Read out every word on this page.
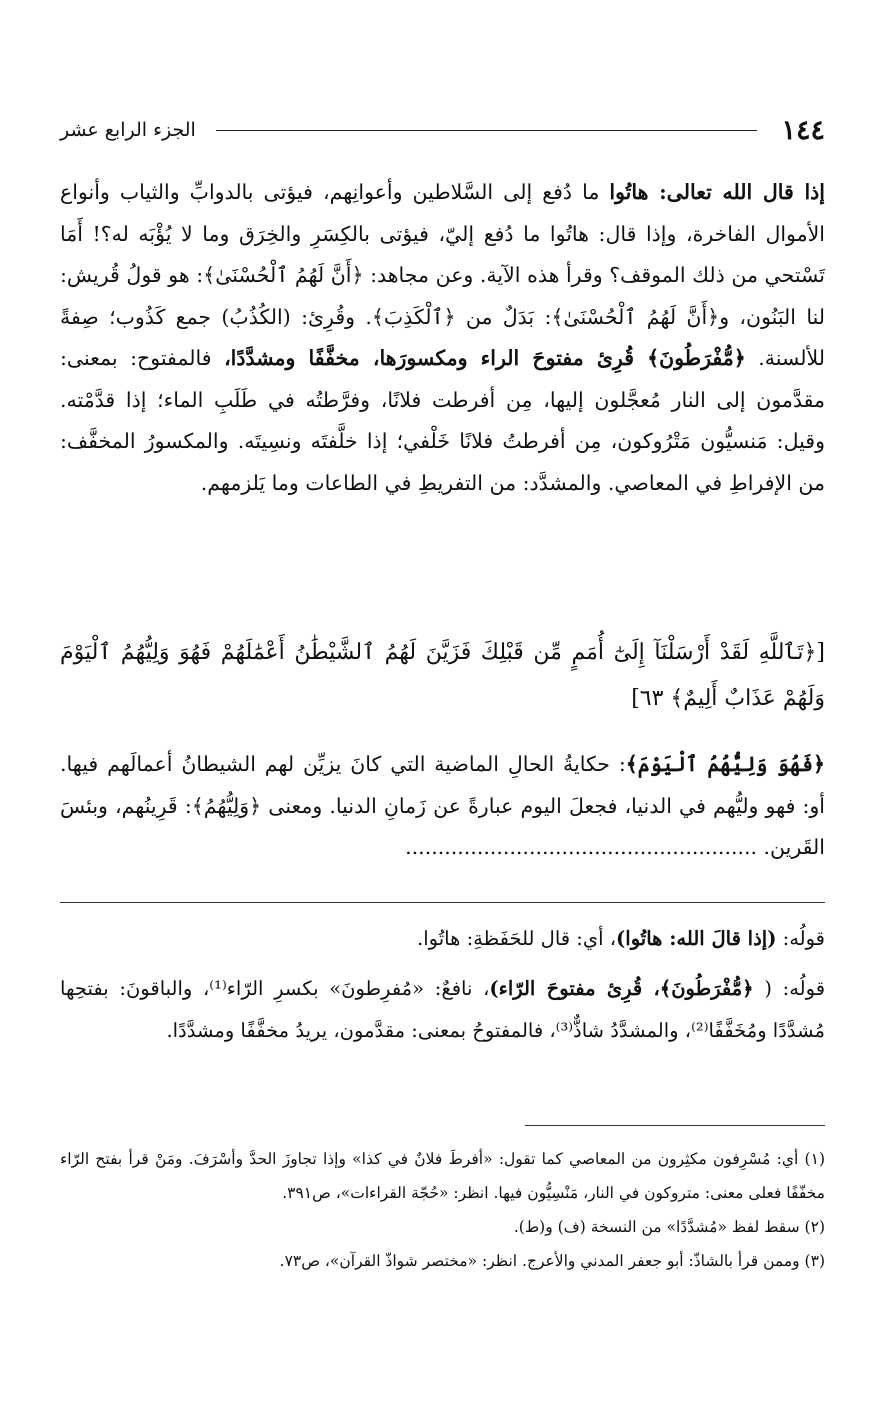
١٤٤
الجزء الرابع عشر

إذا قال الله تعالى: هاتُوا ما دُفع إلى السَّلاطين وأعوانِهم، فيؤتى بالدوابِّ والثياب وأنواع الأموال الفاخرة، وإذا قال: هاتُوا ما دُفع إليّ، فيؤتى بالكِسَرِ والخِرَق وما لا يُؤْبَه له؟! أَمَا تَسْتحي من ذلك الموقف؟ وقرأ هذه الآية. وعن مجاهد: ﴿أَنَّ لَهُمُ ٱلْحُسْنَىٰ﴾: هو قولُ قُريش: لنا البَنُون، و﴿أَنَّ لَهُمُ ٱلْحُسْنَىٰ﴾: بَدَلٌ من ﴿ٱلْكَذِبَ﴾. وقُرِئ: (الكُذُبُ) جمع كَذُوب؛ صِفةً للألسنة. ﴿مُّفْرَطُونَ﴾ قُرِئ مفتوحَ الراء ومكسورَها، مخفَّفًا ومشدَّدًا، فالمفتوح: بمعنى: مقدَّمون إلى النار مُعجَّلون إليها، مِن أفرطت فلانًا، وفرَّطتُه في طَلَبِ الماء؛ إذا قدَّمْته. وقيل: مَنسيُّون مَتْرُوكون، مِن أفرطتُ فلانًا خَلْفي؛ إذا خلَّفتَه ونسِيتَه. والمكسورُ المخفَّف: من الإفراطِ في المعاصي. والمشدَّد: من التفريطِ في الطاعات وما يَلزمهم.

[﴿تَٱللَّهِ لَقَدْ أَرْسَلْنَآ إِلَىٰٓ أُمَمٍ مِّن قَبْلِكَ فَزَيَّنَ لَهُمُ ٱلشَّيْطَٰنُ أَعْمَٰلَهُمْ فَهُوَ وَلِيُّهُمُ ٱلْيَوْمَ وَلَهُمْ عَذَابٌ أَلِيمٌ﴾ ٦٣]
﴿فَهُوَ وَلِيُّهُمُ ٱلْيَوْمَ﴾: حكايةُ الحالِ الماضية التي كانَ يزيِّن لهم الشيطانُ أعمالَهم فيها. أو: فهو وليُّهم في الدنيا، فجعلَ اليوم عبارةً عن زَمانِ الدنيا. ومعنى ﴿وَلِيُّهُمُ﴾: قَرِينُهم، وبئسَ القَرين. ......................................................

قولُه: (إذا قالَ الله: هاتُوا)، أي: قال للحَفَظةِ: هاتُوا.

قولُه: ( ﴿مُّفْرَطُونَ﴾، قُرِئ مفتوحَ الرّاء)، نافعٌ: «مُفرِطونَ» بكسرِ الرّاء⁽¹⁾، والباقونَ: بفتحِها مُشدَّدًا ومُخَفَّفًا⁽²⁾، والمشدَّدُ شاذٌّ⁽³⁾، فالمفتوحُ بمعنى: مقدَّمون، يريدُ مخفَّفًا ومشدَّدًا.

(١) أي: مُسْرِفون مكثِرون من المعاصي كما تقول: «أفرطَ فلانٌ في كذا» وإذا تجاوزَ الحدَّ وأسْرَفَ. ومَنْ قرأ بفتح الرّاء مخفّفًا فعلى معنى: متروكون في النار، مَنْسِيُّون فيها. انظر: «حُجّة القراءات»، ص٣٩١.

(٢) سقط لفظ «مُشدَّدًا» من النسخة (ف) و(ط).

(٣) وممن قرأ بالشاذّ: أبو جعفر المدني والأعرج. انظر: «مختصر شواذّ القرآن»، ص٧٣.
